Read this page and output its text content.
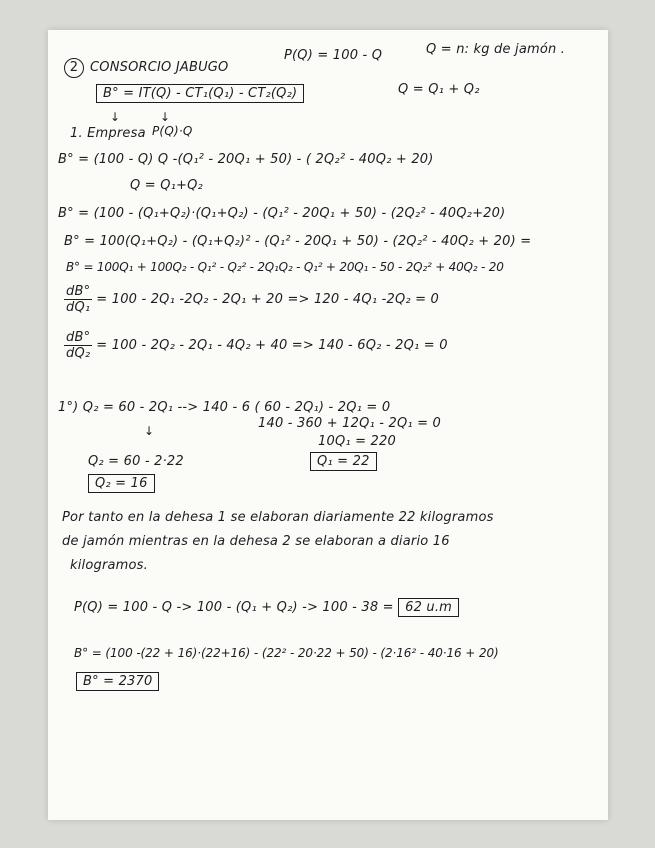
2 CONSORCIO JABUGO
P(Q) = 100 - Q	Q = n: kg de jamón .
B° = IT(Q) - CT₁(Q₁) - CT₂(Q₂)	Q = Q₁ + Q₂
↓	↓
1. Empresa P(Q)·Q
B° = (100 - Q) Q -(Q₁² - 20Q₁ + 50) - ( 2Q₂² - 40Q₂ + 20)
Q = Q₁+Q₂
B° = (100 - (Q₁+Q₂)·(Q₁+Q₂) - (Q₁² - 20Q₁ + 50) - (2Q₂² - 40Q₂+20)
B° = 100(Q₁+Q₂) - (Q₁+Q₂)² - (Q₁² - 20Q₁ + 50) - (2Q₂² - 40Q₂ + 20) =
B° = 100Q₁ + 100Q₂ - Q₁² - Q₂² - 2Q₁Q₂ - Q₁² + 20Q₁ - 50 - 2Q₂² + 40Q₂ - 20
$\frac{dB^\circ}{\text{dQ₁}} = 100 - 2Q_1$ -2Q₂ - 2Q₁ + 20 => 120 - 4Q₁ -2Q₂ = 0
$\frac{dB^\circ}{\text{dQ₂}} = 100 - 2Q_2 - 2Q_1 - 4Q_2 + 40 => 140 - 6Q_2 - 2Q_1 = 0$
1°) Q₂ = 60 - 2Q₁ --> 140 - 6 ( 60 - 2Q₁) - 2Q₁ = 0
140 - 360 + 12Q₁ - 2Q₁ = 0
↓
10Q₁ = 220
Q₁ = 22
Q₂ = 60 - 2·22
Q₂ = 16
Por tanto en la dehesa 1 se elaboran diariamente 22 kilogramos
de jamón mientras en la dehesa 2 se elaboran a diario 16
kilogramos.
P(Q) = 100 - Q -> 100 - (Q₁ + Q₂) -> 100 - 38 = 62 u.m
B° = (100 -(22 + 16)·(22+16) - (22² - 20·22 + 50) - (2·16² - 40·16 + 20)
B° = 2370
